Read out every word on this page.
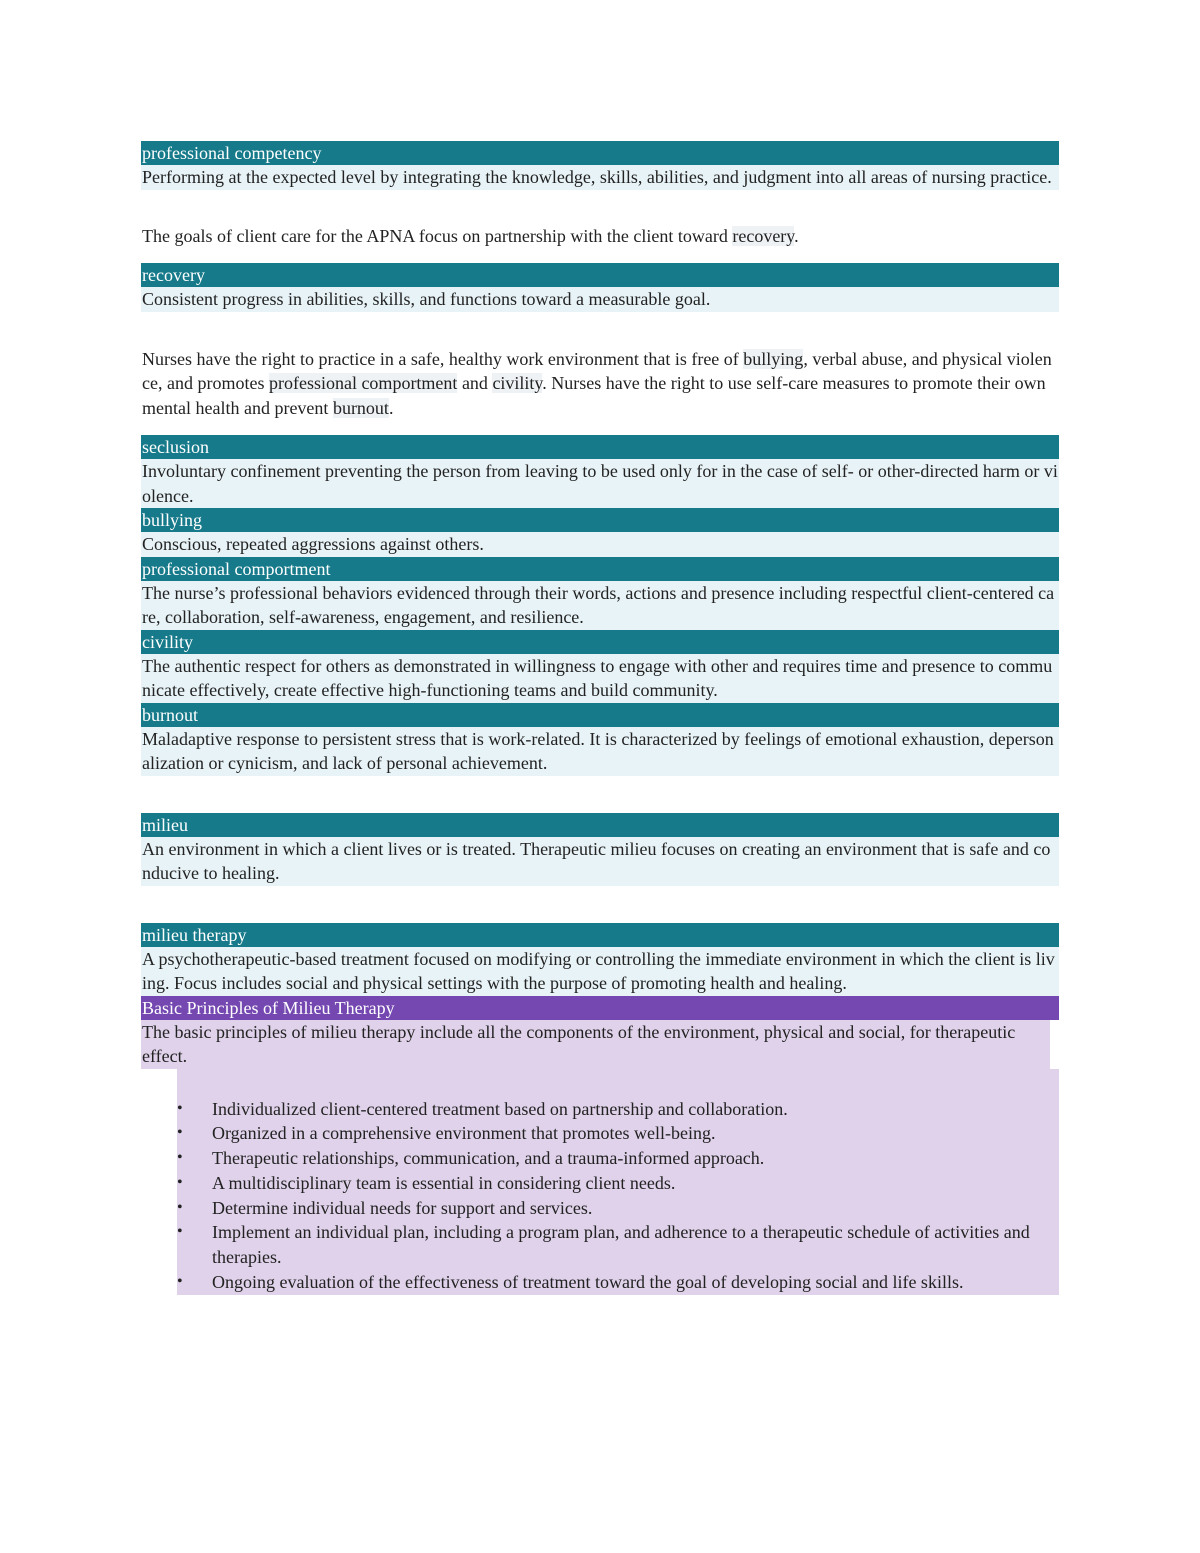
professional competency
Performing at the expected level by integrating the knowledge, skills, abilities, and judgment into all areas of nursing practice.
The goals of client care for the APNA focus on partnership with the client toward recovery.
recovery
Consistent progress in abilities, skills, and functions toward a measurable goal.
Nurses have the right to practice in a safe, healthy work environment that is free of bullying, verbal abuse, and physical violence, and promotes professional comportment and civility. Nurses have the right to use self-care measures to promote their own mental health and prevent burnout.
seclusion
Involuntary confinement preventing the person from leaving to be used only for in the case of self- or other-directed harm or violence.
bullying
Conscious, repeated aggressions against others.
professional comportment
The nurse’s professional behaviors evidenced through their words, actions and presence including respectful client-centered care, collaboration, self-awareness, engagement, and resilience.
civility
The authentic respect for others as demonstrated in willingness to engage with other and requires time and presence to communicate effectively, create effective high-functioning teams and build community.
burnout
Maladaptive response to persistent stress that is work-related. It is characterized by feelings of emotional exhaustion, depersonalization or cynicism, and lack of personal achievement.
milieu
An environment in which a client lives or is treated. Therapeutic milieu focuses on creating an environment that is safe and conducive to healing.
milieu therapy
A psychotherapeutic-based treatment focused on modifying or controlling the immediate environment in which the client is living. Focus includes social and physical settings with the purpose of promoting health and healing.
Basic Principles of Milieu Therapy
The basic principles of milieu therapy include all the components of the environment, physical and social, for therapeutic effect.
•	Individualized client-centered treatment based on partnership and collaboration.
•	Organized in a comprehensive environment that promotes well-being.
•	Therapeutic relationships, communication, and a trauma-informed approach.
•	A multidisciplinary team is essential in considering client needs.
•	Determine individual needs for support and services.
•	Implement an individual plan, including a program plan, and adherence to a therapeutic schedule of activities and therapies.
•	Ongoing evaluation of the effectiveness of treatment toward the goal of developing social and life skills.
